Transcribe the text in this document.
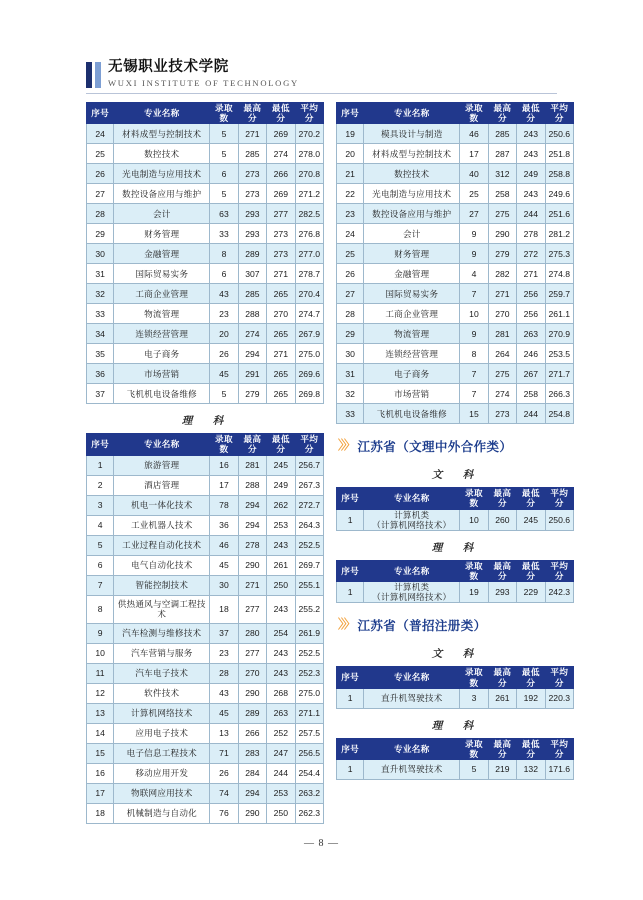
无锡职业技术学院
WUXI INSTITUTE OF TECHNOLOGY
序号	专业名称	录取数	最高分	最低分	平均分
24	材料成型与控制技术	5	271	269	270.2
25	数控技术	5	285	274	278.0
26	光电制造与应用技术	6	273	266	270.8
27	数控设备应用与维护	5	273	269	271.2
28	会计	63	293	277	282.5
29	财务管理	33	293	273	276.8
30	金融管理	8	289	273	277.0
31	国际贸易实务	6	307	271	278.7
32	工商企业管理	43	285	265	270.4
33	物流管理	23	288	270	274.7
34	连锁经营管理	20	274	265	267.9
35	电子商务	26	294	271	275.0
36	市场营销	45	291	265	269.6
37	飞机机电设备维修	5	279	265	269.8
理　科
序号	专业名称	录取数	最高分	最低分	平均分
1	旅游管理	16	281	245	256.7
2	酒店管理	17	288	249	267.3
3	机电一体化技术	78	294	262	272.7
4	工业机器人技术	36	294	253	264.3
5	工业过程自动化技术	46	278	243	252.5
6	电气自动化技术	45	290	261	269.7
7	智能控制技术	30	271	250	255.1
8	供热通风与空调工程技术	18	277	243	255.2
9	汽车检测与维修技术	37	280	254	261.9
10	汽车营销与服务	23	277	243	252.5
11	汽车电子技术	28	270	243	252.3
12	软件技术	43	290	268	275.0
13	计算机网络技术	45	289	263	271.1
14	应用电子技术	13	266	252	257.5
15	电子信息工程技术	71	283	247	256.5
16	移动应用开发	26	284	244	254.4
17	物联网应用技术	74	294	253	263.2
18	机械制造与自动化	76	290	250	262.3
序号	专业名称	录取数	最高分	最低分	平均分
19	模具设计与制造	46	285	243	250.6
20	材料成型与控制技术	17	287	243	251.8
21	数控技术	40	312	249	258.8
22	光电制造与应用技术	25	258	243	249.6
23	数控设备应用与维护	27	275	244	251.6
24	会计	9	290	278	281.2
25	财务管理	9	279	272	275.3
26	金融管理	4	282	271	274.8
27	国际贸易实务	7	271	256	259.7
28	工商企业管理	10	270	256	261.1
29	物流管理	9	281	263	270.9
30	连锁经营管理	8	264	246	253.5
31	电子商务	7	275	267	271.7
32	市场营销	7	274	258	266.3
33	飞机机电设备维修	15	273	244	254.8
〉〉〉 江苏省（文理中外合作类）
文　科
序号	专业名称	录取数	最高分	最低分	平均分
1	计算机类
（计算机网络技术）	10	260	245	250.6
理　科
序号	专业名称	录取数	最高分	最低分	平均分
1	计算机类
（计算机网络技术）	19	293	229	242.3
〉〉〉 江苏省（普招注册类）
文　科
序号	专业名称	录取数	最高分	最低分	平均分
1	直升机驾驶技术	3	261	192	220.3
理　科
序号	专业名称	录取数	最高分	最低分	平均分
1	直升机驾驶技术	5	219	132	171.6
— 8 —
